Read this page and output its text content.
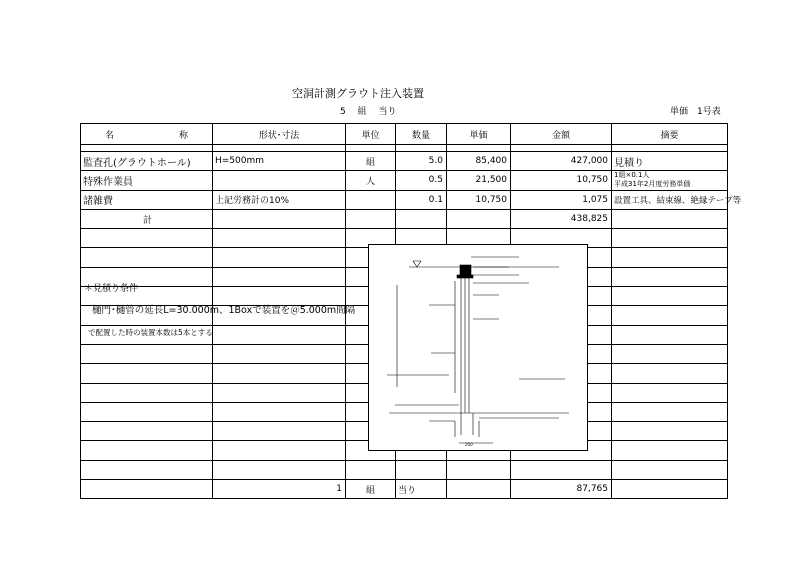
空洞計測グラウト注入装置
5　 組　 当り	単価　1号表
名 称	形状･寸法	単位	数量	単価	金額	摘要

監査孔(グラウトホール)	H=500mm	組	5.0	85,400	427,000	見積り
特殊作業員		人	0.5	21,500	10,750	1組×0.1人
平成31年2月度労務単価

諸雑費	上記労務計の10%		0.1	10,750	1,075	設置工具、結束線、絶縁テープ等
計					438,825	

	1	組	当り		87,765	
＊見積り条件
樋門･樋管の延長L=30.000m、1Boxで装置を＠5.000m間隔
で配置した時の装置本数は5本とする
200
